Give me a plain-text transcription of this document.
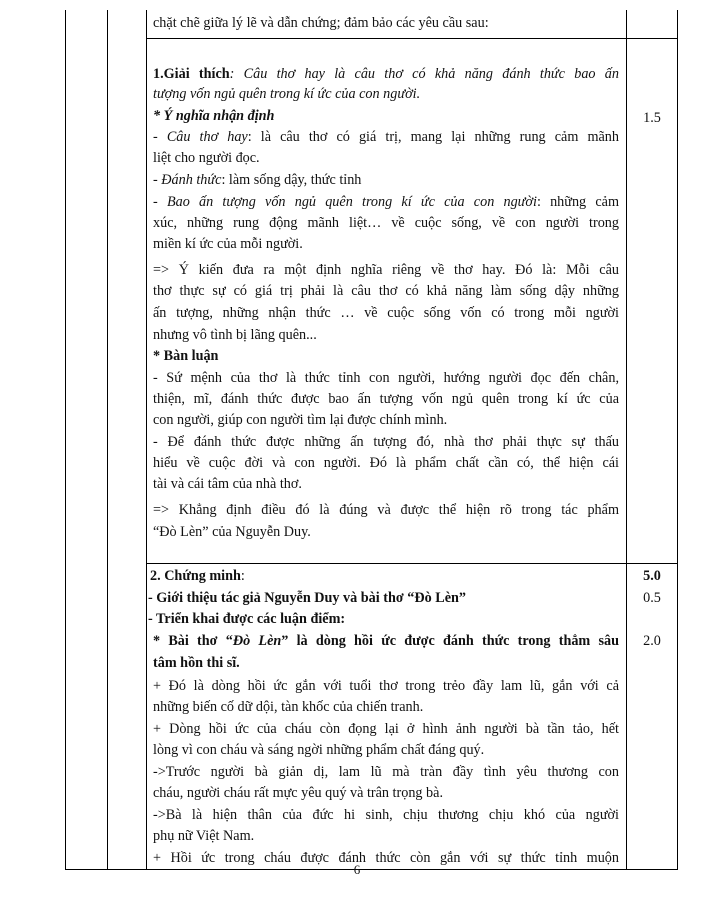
chặt chẽ giữa lý lẽ và dẫn chứng; đảm bảo các yêu cầu sau:
1.5
1.Giải thích: Câu thơ hay là câu thơ có khả năng đánh thức bao ấn
tượng vốn ngủ quên trong kí ức của con người.
* Ý nghĩa nhận định
- Câu thơ hay: là câu thơ có giá trị, mang lại những rung cảm mãnh
liệt cho người đọc.
- Đánh thức: làm sống dậy, thức tỉnh
- Bao ấn tượng vốn ngủ quên trong kí ức của con người: những cảm
xúc, những rung động mãnh liệt… về cuộc sống, về con người trong
miền kí ức của mỗi người.
=> Ý kiến đưa ra một định nghĩa riêng về thơ hay. Đó là: Mỗi câu
thơ thực sự có giá trị phải là câu thơ có khả năng làm sống dậy những
ấn tượng, những nhận thức … về cuộc sống vốn có trong mỗi người
nhưng vô tình bị lãng quên...
* Bàn luận
- Sứ mệnh của thơ là thức tỉnh con người, hướng người đọc đến chân,
thiện, mĩ, đánh thức được bao ấn tượng vốn ngủ quên trong kí ức của
con người, giúp con người tìm lại được chính mình.
- Để đánh thức được những ấn tượng đó, nhà thơ phải thực sự thấu
hiểu về cuộc đời và con người. Đó là phẩm chất cần có, thể hiện cái
tài và cái tâm của nhà thơ.
=> Khẳng định điều đó là đúng và được thể hiện rõ trong tác phẩm
“Đò Lèn” của Nguyễn Duy.
5.0
0.5
2.0
2. Chứng minh:
- Giới thiệu tác giả Nguyễn Duy và bài thơ “Đò Lèn”
- Triển khai được các luận điểm:
* Bài thơ “Đò Lèn” là dòng hồi ức được đánh thức trong thẳm sâu
tâm hồn thi sĩ.
+ Đó là dòng hồi ức gắn với tuổi thơ trong trẻo đầy lam lũ, gắn với cả
những biến cố dữ dội, tàn khốc của chiến tranh.
+ Dòng hồi ức của cháu còn đọng lại ở hình ảnh người bà tần tảo, hết
lòng vì con cháu và sáng ngời những phẩm chất đáng quý.
->Trước người bà giản dị, lam lũ mà tràn đầy tình yêu thương con
cháu, người cháu rất mực yêu quý và trân trọng bà.
->Bà là hiện thân của đức hi sinh, chịu thương chịu khó của người
phụ nữ Việt Nam.
+ Hồi ức trong cháu được đánh thức còn gắn với sự thức tỉnh muộn
6
